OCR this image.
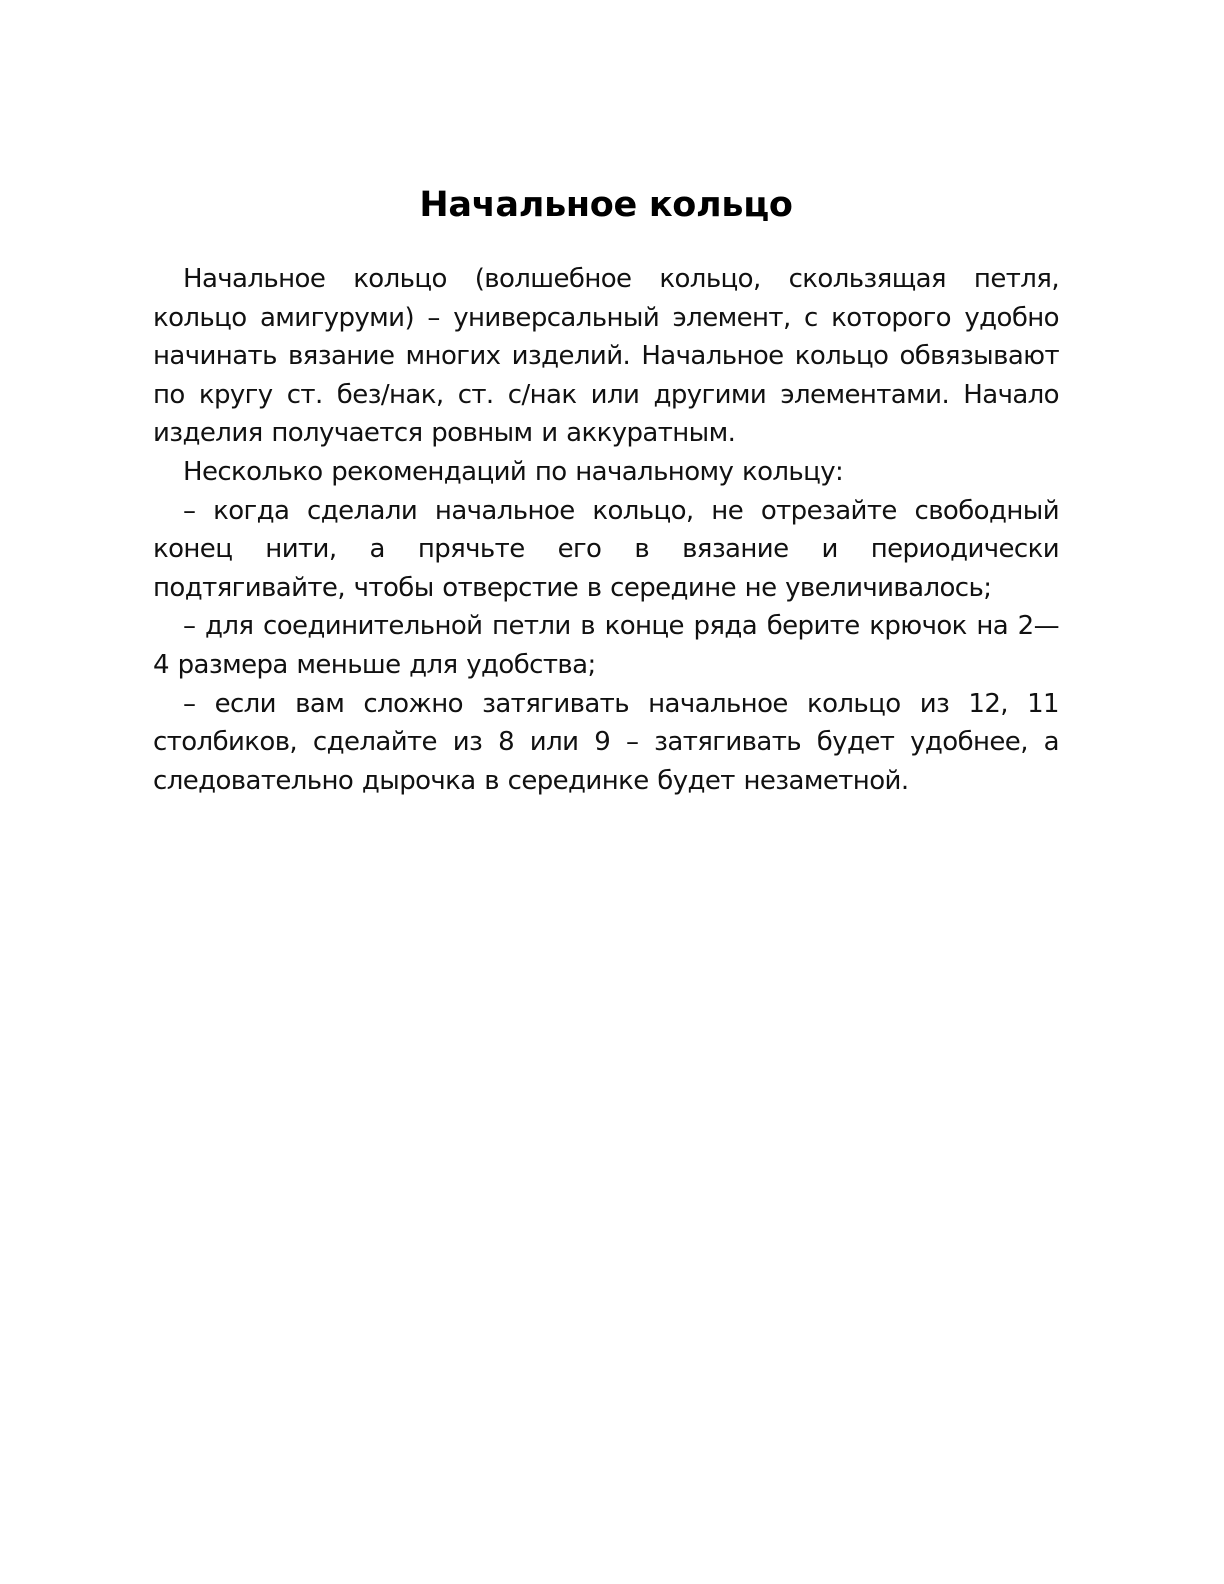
Начальное кольцо

Начальное кольцо (волшебное кольцо, скользящая петля, кольцо амигуруми) – универсальный элемент, с которого удобно начинать вязание многих изделий. Начальное кольцо обвязывают по кругу ст. без/нак, ст. с/нак или другими элементами. Начало изделия получается ровным и аккуратным.

Несколько рекомендаций по начальному кольцу:

– когда сделали начальное кольцо, не отрезайте свободный конец нити, а прячьте его в вязание и периодически подтягивайте, чтобы отверстие в середине не увеличивалось;

– для соединительной петли в конце ряда берите крючок на 2—4 размера меньше для удобства;

– если вам сложно затягивать начальное кольцо из 12, 11 столбиков, сделайте из 8 или 9 – затягивать будет удобнее, а следовательно дырочка в серединке будет незаметной.
